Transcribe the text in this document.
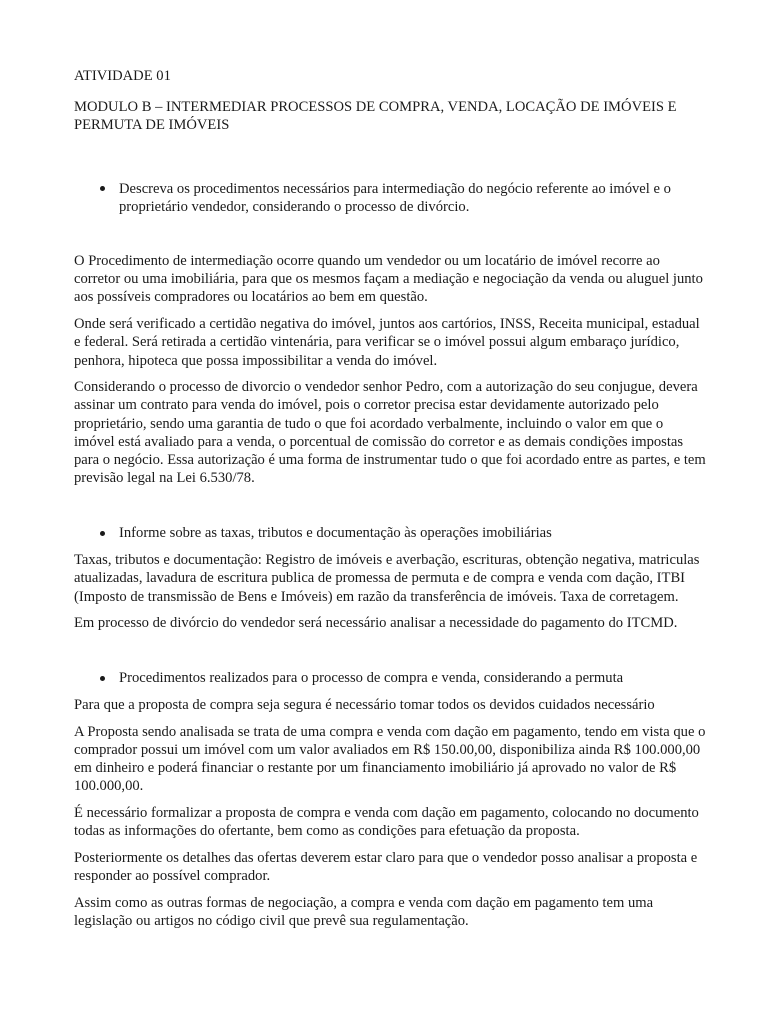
ATIVIDADE 01

MODULO B – INTERMEDIAR PROCESSOS DE COMPRA, VENDA, LOCAÇÃO DE IMÓVEIS E PERMUTA DE IMÓVEIS

Descreva os procedimentos necessários para intermediação do negócio referente ao imóvel e o proprietário vendedor, considerando o processo de divórcio.

O Procedimento de intermediação ocorre quando um vendedor ou um locatário de imóvel recorre ao corretor ou uma imobiliária, para que os mesmos façam a mediação e negociação da venda ou aluguel junto aos possíveis compradores ou locatários ao bem em questão.

Onde será verificado a certidão negativa do imóvel, juntos aos cartórios, INSS, Receita municipal, estadual e federal. Será retirada a certidão vintenária, para verificar se o imóvel possui algum embaraço jurídico, penhora, hipoteca que possa impossibilitar a venda do imóvel.

Considerando o processo de divorcio o vendedor senhor Pedro, com a autorização do seu conjugue, devera assinar um contrato para venda do imóvel, pois o corretor precisa estar devidamente autorizado pelo proprietário, sendo uma garantia de tudo o que foi acordado verbalmente, incluindo o valor em que o imóvel está avaliado para a venda, o porcentual de comissão do corretor e as demais condições impostas para o negócio. Essa autorização é uma forma de instrumentar tudo o que foi acordado entre as partes, e tem previsão legal na Lei 6.530/78.

Informe sobre as taxas, tributos e documentação às operações imobiliárias

Taxas, tributos e documentação: Registro de imóveis e averbação, escrituras, obtenção negativa, matriculas atualizadas, lavadura de escritura publica de promessa de permuta e de compra e venda com dação, ITBI (Imposto de transmissão de Bens e Imóveis) em razão da transferência de imóveis. Taxa de corretagem.

Em processo de divórcio do vendedor será necessário analisar a necessidade do pagamento do ITCMD.

Procedimentos realizados para o processo de compra e venda, considerando a permuta

Para que a proposta de compra seja segura é necessário tomar todos os devidos cuidados necessário

A Proposta sendo analisada se trata de uma compra e venda com dação em pagamento, tendo em vista que o comprador possui um imóvel com um valor avaliados em R$ 150.00,00, disponibiliza ainda R$ 100.000,00 em dinheiro e poderá financiar o restante por um financiamento imobiliário já aprovado no valor de R$ 100.000,00.

É necessário formalizar a proposta de compra e venda com dação em pagamento, colocando no documento todas as informações do ofertante, bem como as condições para efetuação da proposta.

Posteriormente os detalhes das ofertas deverem estar claro para que o vendedor posso analisar a proposta e responder ao possível comprador.

Assim como as outras formas de negociação, a compra e venda com dação em pagamento tem uma legislação ou artigos no código civil que prevê sua regulamentação.
